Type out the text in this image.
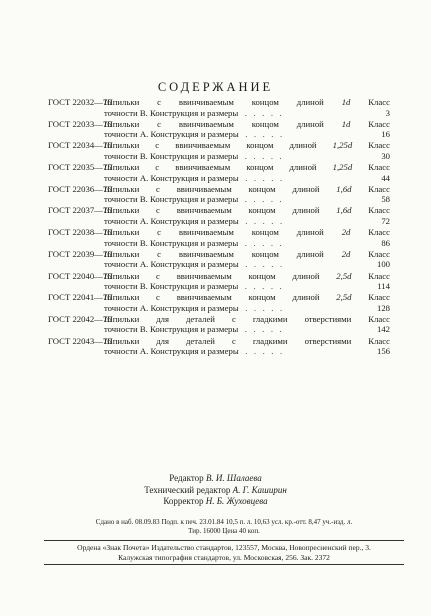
СОДЕРЖАНИЕ
ГОСТ 22032—76
Шпильки с ввинчиваемым концом длиной 1d Класс
точности В. Конструкция и размеры   .   .   .   .   .	3
ГОСТ 22033—76
Шпильки с ввинчиваемым концом длиной 1d Класс
точности А. Конструкция и размеры   .   .   .   .   .	16
ГОСТ 22034—76
Шпильки с ввинчиваемым концом длиной 1,25d Класс
точности В. Конструкция и размеры   .   .   .   .   .	30
ГОСТ 22035—75
Шпильки с ввинчиваемым концом длиной 1,25d Класс
точности А. Конструкция и размеры   .   .   .   .   .	44
ГОСТ 22036—76
Шпильки с ввинчиваемым концом длиной 1,6d Класс
точности В. Конструкция и размеры   .   .   .   .   .	58
ГОСТ 22037—76
Шпильки с ввинчиваемым концом длиной 1,6d Класс
точности А. Конструкция и размеры   .   .   .   .   .	72
ГОСТ 22038—76
Шпильки с ввинчиваемым концом длиной 2d Класс
точности В. Конструкция и размеры   .   .   .   .   .	86
ГОСТ 22039—76
Шпильки с ввинчиваемым концом длиной 2d Класс
точности А. Конструкция и размеры   .   .   .   .   .	100
ГОСТ 22040—76
Шпильки с ввинчиваемым концом длиной 2,5d Класс
точности В. Конструкция и размеры   .   .   .   .   .	114
ГОСТ 22041—76
Шпильки с ввинчиваемым концом длиной 2,5d Класс
точности А. Конструкция и размеры   .   .   .   .   .	128
ГОСТ 22042—76
Шпильки для деталей с гладкими отверстиями Класс
точности В. Конструкция и размеры   .   .   .   .   .	142
ГОСТ 22043—76
Шпильки для деталей с гладкими отверстиями Класс
точности А. Конструкция и размеры   .   .   .   .   .	156
Редактор В. И. Шалаева
Технический редактор А. Г. Каширин
Корректор Н. Б. Жуховцева
Сдано в наб. 08.09.83 Подп. к печ. 23.01.84 10,5 п. л. 10,63 усл. кр.-отт. 8,47 уч.-изд. л.
Тир. 16000 Цена 40 коп.
Ордена «Знак Почета» Издательство стандартов, 123557, Москва, Новопресненский пер., 3.
Калужская типография стандартов, ул. Московская, 256. Зак. 2372
